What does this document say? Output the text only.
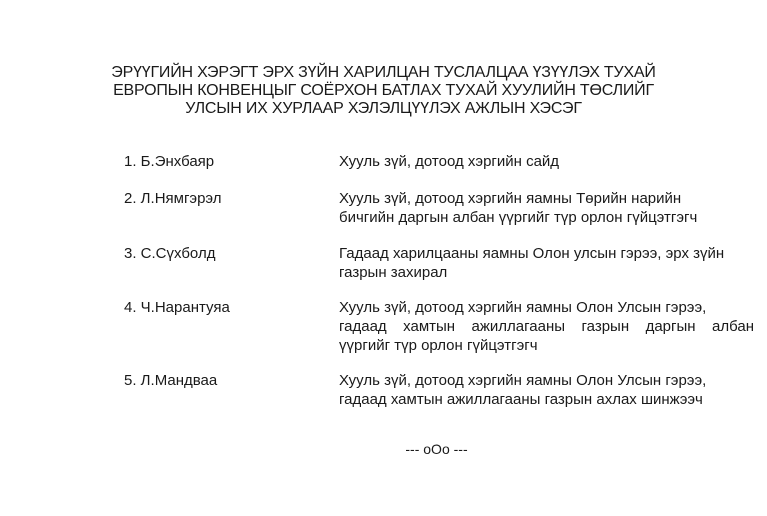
ЭРҮҮГИЙН ХЭРЭГТ ЭРХ ЗҮЙН ХАРИЛЦАН ТУСЛАЛЦАА ҮЗҮҮЛЭХ ТУХАЙ
ЕВРОПЫН КОНВЕНЦЫГ СОЁРХОН БАТЛАХ ТУХАЙ ХУУЛИЙН ТӨСЛИЙГ
УЛСЫН ИХ ХУРЛААР ХЭЛЭЛЦҮҮЛЭХ АЖЛЫН ХЭСЭГ
1. Б.Энхбаяр	Хууль зүй, дотоод хэргийн сайд
2. Л.Нямгэрэл	Хууль зүй, дотоод хэргийн яамны Төрийн нарийн
бичгийн даргын албан үүргийг түр орлон гүйцэтгэгч
3. С.Сүхболд	Гадаад харилцааны яамны Олон улсын гэрээ, эрх зүйн
газрын захирал
4. Ч.Нарантуяа	Хууль зүй, дотоод хэргийн яамны Олон Улсын гэрээ,
гадаад хамтын ажиллагааны газрын даргын албан
үүргийг түр орлон гүйцэтгэгч
5. Л.Мандваа	Хууль зүй, дотоод хэргийн яамны Олон Улсын гэрээ,
гадаад хамтын ажиллагааны газрын ахлах шинжээч
--- oOo ---
